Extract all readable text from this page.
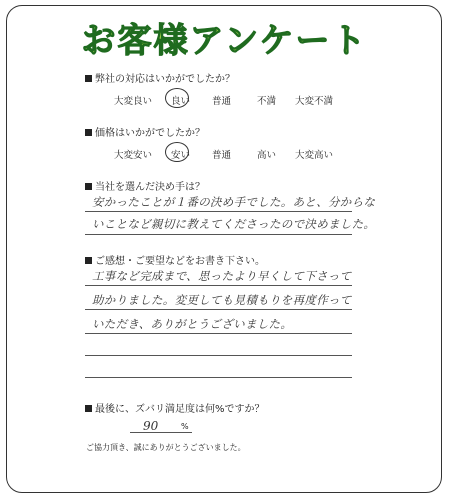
お客様アンケート
弊社の対応はいかがでしたか？
大変良い 良い 普通	不満 大変不満
価格はいかがでしたか？
大変安い 安い 普通	高い 大変高い
当社を選んだ決め手は？
安かったことが１番の決め手でした。あと、分からな
いことなど親切に教えてくださったので決めました。
ご感想・ご要望などをお書き下さい。
工事など完成まで、思ったより早くして下さって
助かりました。変更しても見積もりを再度作って
いただき、ありがとうございました。
最後に、ズバリ満足度は何%ですか？
90	%
ご協力頂き、誠にありがとうございました。
